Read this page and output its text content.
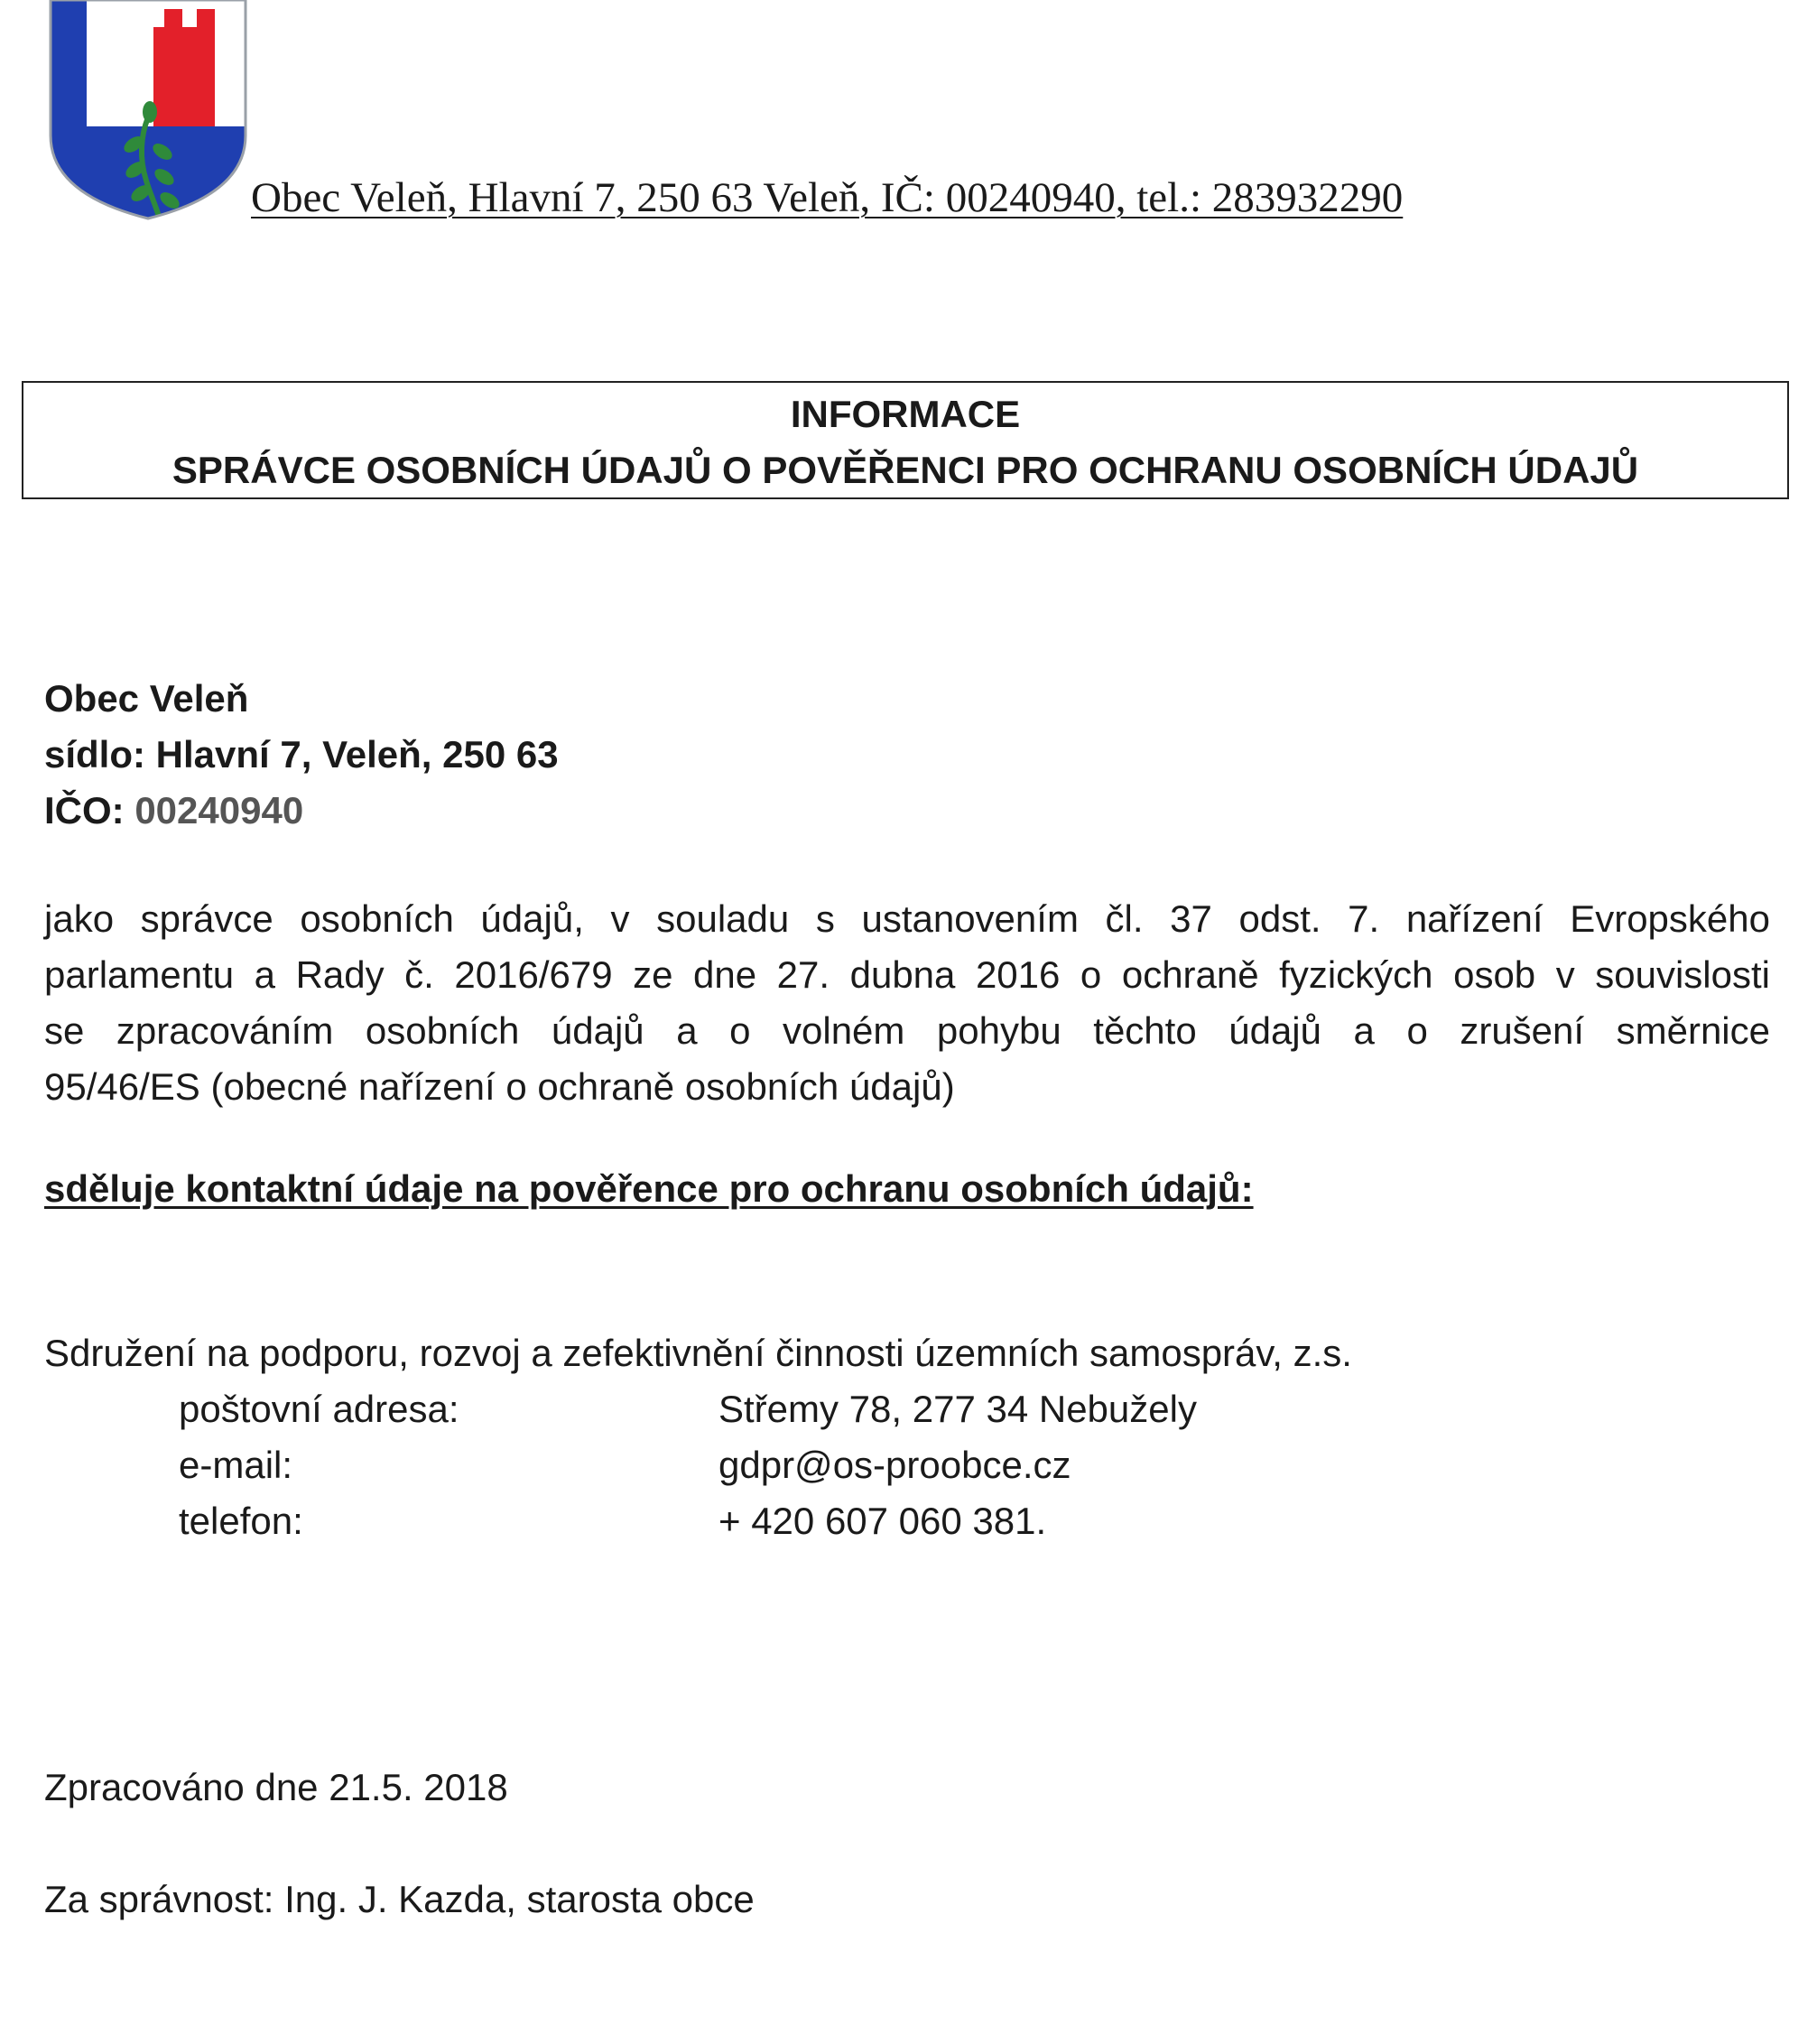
Obec Veleň, Hlavní 7, 250 63 Veleň, IČ: 00240940, tel.: 283932290
INFORMACE
SPRÁVCE OSOBNÍCH ÚDAJŮ O POVĚŘENCI PRO OCHRANU OSOBNÍCH ÚDAJŮ
Obec Veleň
sídlo: Hlavní 7, Veleň, 250 63
IČO: 00240940
jako správce osobních údajů, v souladu s ustanovením čl. 37 odst. 7. nařízení Evropského
parlamentu a Rady č. 2016/679 ze dne 27. dubna 2016 o ochraně fyzických osob v souvislosti
se zpracováním osobních údajů a o volném pohybu těchto údajů a o zrušení směrnice
95/46/ES (obecné nařízení o ochraně osobních údajů)
sděluje kontaktní údaje na pověřence pro ochranu osobních údajů:
Sdružení na podporu, rozvoj a zefektivnění činnosti územních samospráv, z.s.
poštovní adresa:	Střemy 78, 277 34 Nebužely
e-mail:	gdpr@os-proobce.cz
telefon:	+ 420 607 060 381.
Zpracováno dne 21.5. 2018
Za správnost: Ing. J. Kazda, starosta obce
